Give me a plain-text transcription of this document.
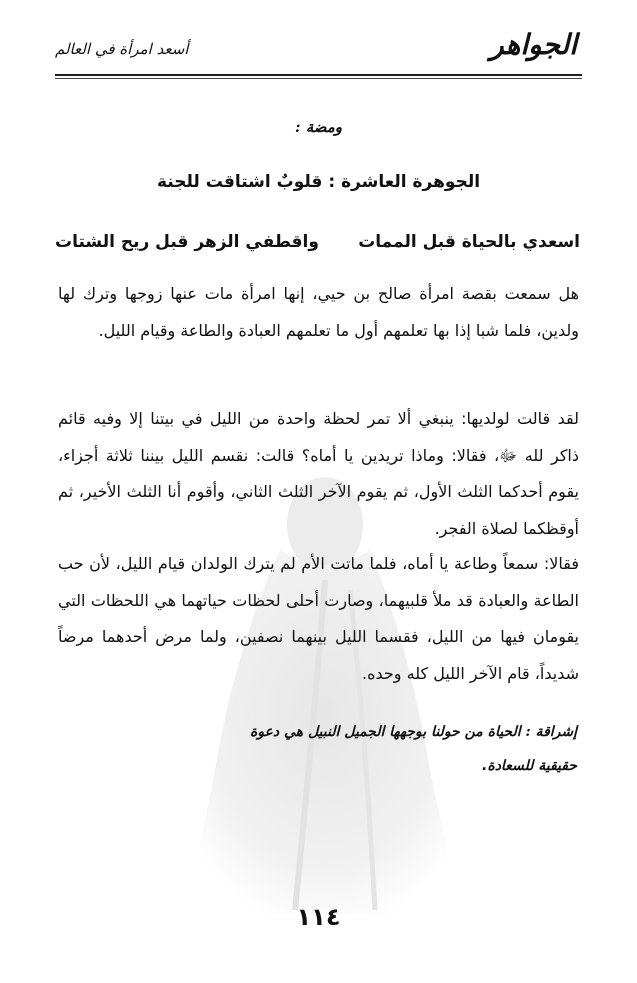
الجواهر
أسعد امرأة في العالم
ومضة :
الجوهرة العاشرة : قلوبٌ اشتاقت للجنة
اسعدي بالحياة قبل الممات
واقطفي الزهر قبل ريح الشتات

هل سمعت بقصة امرأة صالح بن حيي، إنها امرأة مات عنها زوجها وترك لها ولدين، فلما شبا إذا بها تعلمهم أول ما تعلمهم العبادة والطاعة وقيام الليل.

لقد قالت لولديها: ينبغي ألا تمر لحظة واحدة من الليل في بيتنا إلا وفيه قائم ذاكر لله ﷻ، فقالا: وماذا تريدين يا أماه؟ قالت: نقسم الليل بيننا ثلاثة أجزاء، يقوم أحدكما الثلث الأول، ثم يقوم الآخر الثلث الثاني، وأقوم أنا الثلث الأخير، ثم أوقظكما لصلاة الفجر.

فقالا: سمعاً وطاعة يا أماه، فلما ماتت الأم لم يترك الولدان قيام الليل، لأن حب الطاعة والعبادة قد ملأ قلبيهما، وصارت أحلى لحظات حياتهما هي اللحظات التي يقومان فيها من الليل، فقسما الليل بينهما نصفين، ولما مرض أحدهما مرضاً شديداً، قام الآخر الليل كله وحده.

إشراقة : الحياة من حولنا بوجهها الجميل النبيل هي دعوة حقيقية للسعادة.
١١٤
